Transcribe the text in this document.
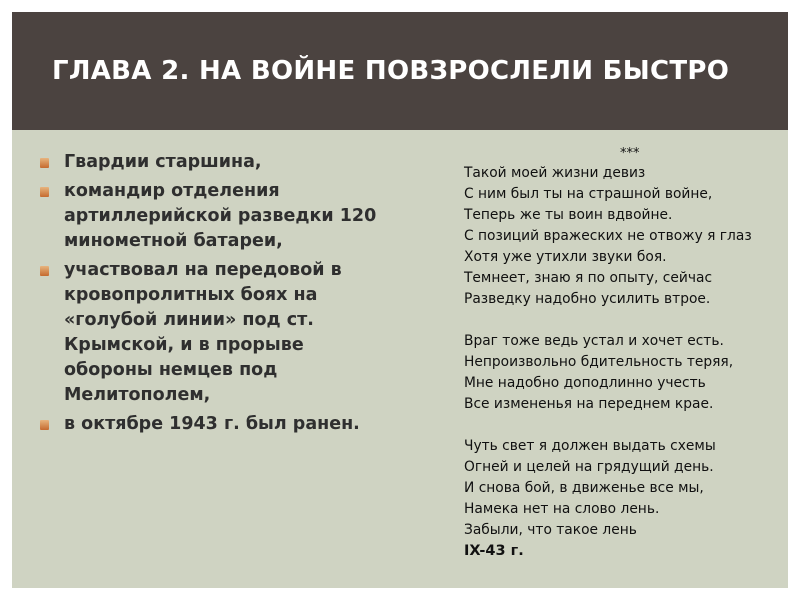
ГЛАВА 2. НА ВОЙНЕ ПОВЗРОСЛЕЛИ БЫСТРО
Гвардии старшина,
командир отделения артиллерийской разведки 120 минометной батареи,
участвовал на передовой в кровопролитных боях на «голубой линии» под ст. Крымской, и в прорыве обороны немцев под Мелитополем,
в октябре 1943 г. был ранен.
***
Такой моей жизни девиз
С ним был ты на страшной войне,
Теперь же ты воин вдвойне.
С позиций вражеских не отвожу я глаз
Хотя уже утихли звуки боя.
Темнеет, знаю я по опыту, сейчас
Разведку надобно усилить втрое.
Враг тоже ведь устал и хочет есть.
Непроизвольно бдительность теряя,
Мне надобно доподлинно учесть
Все измененья на переднем крае.
Чуть свет я должен выдать схемы
Огней и целей на грядущий день.
И снова бой, в движенье все мы,
Намека нет на слово лень.
Забыли, что такое лень
IX-43 г.
